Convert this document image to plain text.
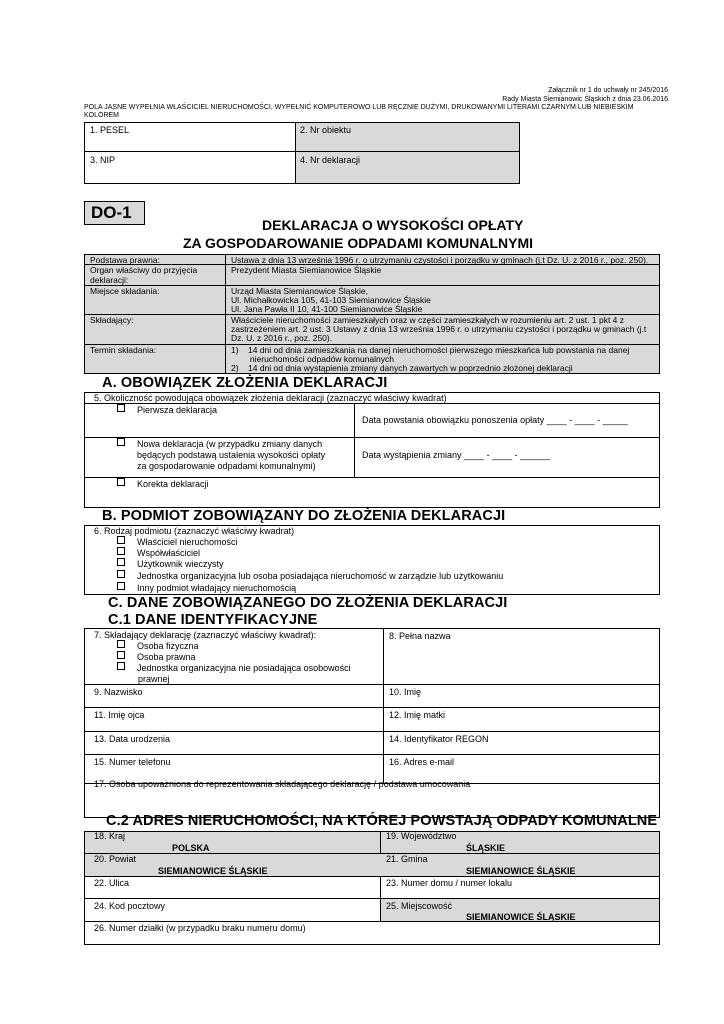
Załącznik nr 1 do uchwały nr 245/2016
Rady Miasta Siemianowic Śląskich z dnia 23.06.2016
POLA JASNE WYPEŁNIA WŁAŚCICIEL NIERUCHOMOŚCI, WYPEŁNIĆ KOMPUTEROWO LUB RĘCZNIE DUŻYMI, DRUKOWANYMI LITERAMI CZARNYM LUB NIEBIESKIM KOLOREM
1. PESEL	2. Nr obiektu
3. NIP	4. Nr deklaracji
DO-1
DEKLARACJA O WYSOKOŚCI OPŁATY
ZA GOSPODAROWANIE ODPADAMI KOMUNALNYMI
Podstawa prawna:	Ustawa z dnia 13 września 1996 r. o utrzymaniu czystości i porządku w gminach (j.t Dz. U. z 2016 r., poz. 250).
Organ właściwy do przyjęcia deklaracji:
Prezydent Miasta Siemianowice Śląskie
Miejsce składania:	Urząd Miasta Siemianowice Śląskie,
Ul. Michałkowicka 105, 41-103 Siemianowice Śląskie
Ul. Jana Pawła II 10, 41-100 Siemianowice Śląskie
Składający:	Właściciele nieruchomości zamieszkałych oraz w części zamieszkałych w rozumieniu art. 2 ust. 1 pkt 4 z
zastrzeżeniem art. 2 ust. 3 Ustawy z dnia 13 września 1996 r. o utrzymaniu czystości i porządku w gminach (j.t
Dz. U. z 2016 r., poz. 250).
Termin składania:	1)    14 dni od dnia zamieszkania na danej nieruchomości pierwszego mieszkańca lub powstania na danej
nieruchomości odpadów komunalnych
2)    14 dni od dnia wystąpienia zmiany danych zawartych w poprzednio złożonej deklaracji
A. OBOWIĄZEK ZŁOŻENIA DEKLARACJI
5. Okoliczność powodująca obowiązek złożenia deklaracji (zaznaczyć właściwy kwadrat)
Pierwsza deklaracja
Data powstania obowiązku ponoszenia opłaty ____ - ____ - _____
Nowa deklaracja (w przypadku zmiany danych
będących podstawą ustalenia wysokości opłaty
za gospodarowanie odpadami komunalnymi)
Data wystąpienia zmiany ____ - ____ - ______
Korekta deklaracji
B. PODMIOT ZOBOWIĄZANY DO ZŁOŻENIA DEKLARACJI
6. Rodzaj podmiotu (zaznaczyć właściwy kwadrat)
Właściciel nieruchomości
Współwłaściciel
Użytkownik wieczysty
Jednostka organizacyjna lub osoba posiadająca nieruchomość w zarządzie lub użytkowaniu
Inny podmiot władający nieruchomością
C. DANE ZOBOWIĄZANEGO DO ZŁOŻENIA DEKLARACJI
C.1 DANE IDENTYFIKACYJNE
7. Składający deklarację (zaznaczyć właściwy kwadrat):
Osoba fizyczna
Osoba prawna
Jednostka organizacyjna nie posiadająca osobowości
prawnej
8. Pełna nazwa
9. Nazwisko	10. Imię
11. Imię ojca	12. Imię matki
13. Data urodzenia	14. Identyfikator REGON
15. Numer telefonu	16. Adres e-mail
17. Osoba upoważniona do reprezentowania składającego deklarację / podstawa umocowania
C.2 ADRES NIERUCHOMOŚCI, NA KTÓREJ POWSTAJĄ ODPADY KOMUNALNE
18. Kraj
POLSKA
19. Województwo
ŚLĄSKIE
20. Powiat
SIEMIANOWICE ŚLĄSKIE
21. Gmina
SIEMIANOWICE ŚLĄSKIE
22. Ulica	23. Numer domu / numer lokalu
24. Kod pocztowy	25. Miejscowość
SIEMIANOWICE ŚLĄSKIE
26. Numer działki (w przypadku braku numeru domu)
